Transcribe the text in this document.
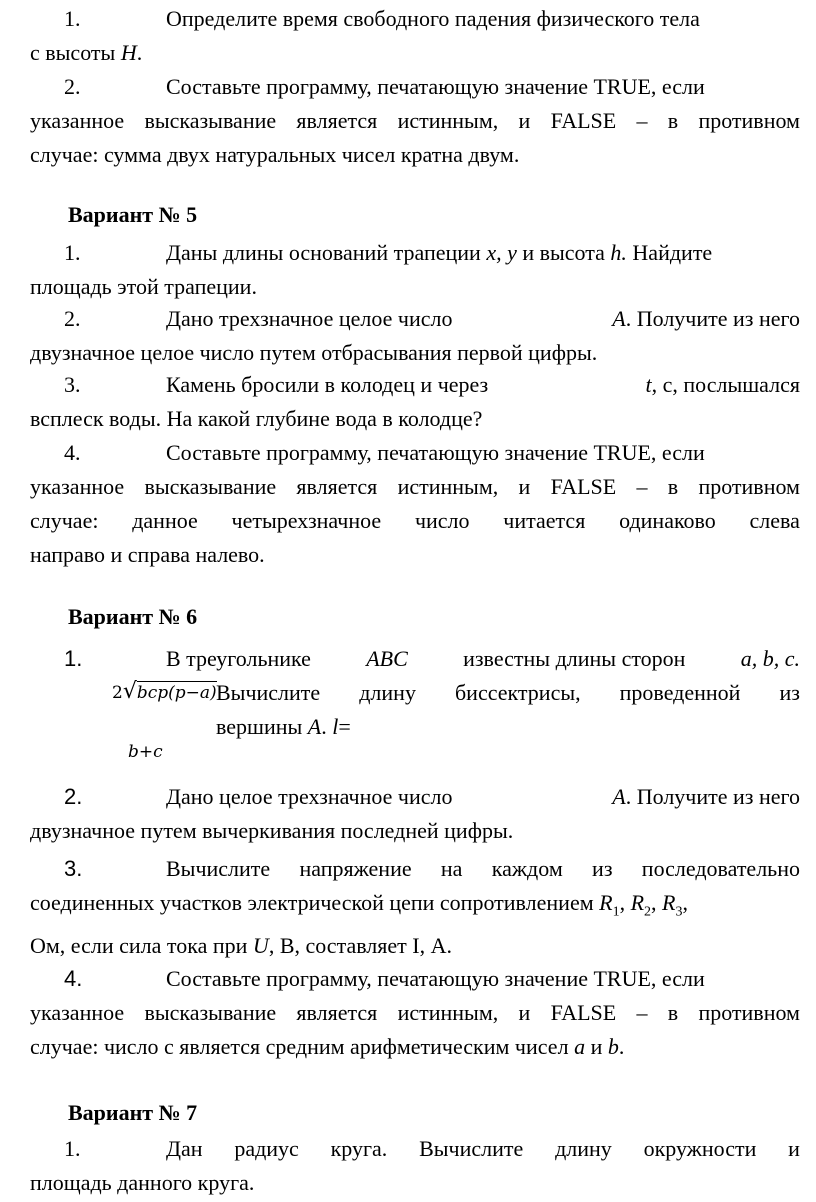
1.	Определите время свободного падения физического тела
с высоты H.
2.	Составьте программу, печатающую значение TRUE, если
указанное высказывание является истинным, и FALSE – в противном
случае: сумма двух натуральных чисел кратна двум.

Вариант № 5

1.	Даны длины оснований трапеции x, y и высота h. Найдите
площадь этой трапеции.
2.	Дано трехзначное целое число	A. Получите из него
двузначное целое число путем отбрасывания первой цифры.
3.	Камень бросили в колодец и через	t, с, послышался
всплеск воды. На какой глубине вода в колодце?
4.	Составьте программу, печатающую значение TRUE, если
указанное высказывание является истинным, и FALSE – в противном
случае: данное четырехзначное число читается одинаково слева
направо и справа налево.

Вариант № 6

1.	В треугольнике	ABC	известны длины сторон	a, b, c.
2√bcp(p−a)
b+c
Вычислите длину биссектрисы, проведенной из
вершины A. l=
2.	Дано целое трехзначное число	A. Получите из него
двузначное путем вычеркивания последней цифры.
3.	Вычислите напряжение на каждом из последовательно
соединенных участков электрической цепи сопротивлением $R_1$, $R_2$, $R_3$,
Ом, если сила тока при U, В, составляет I, А.
4.	Составьте программу, печатающую значение TRUE, если
указанное высказывание является истинным, и FALSE – в противном
случае: число с является средним арифметическим чисел a и b.

Вариант № 7

1.	Дан радиус круга. Вычислите длину окружности и
площадь данного круга.
